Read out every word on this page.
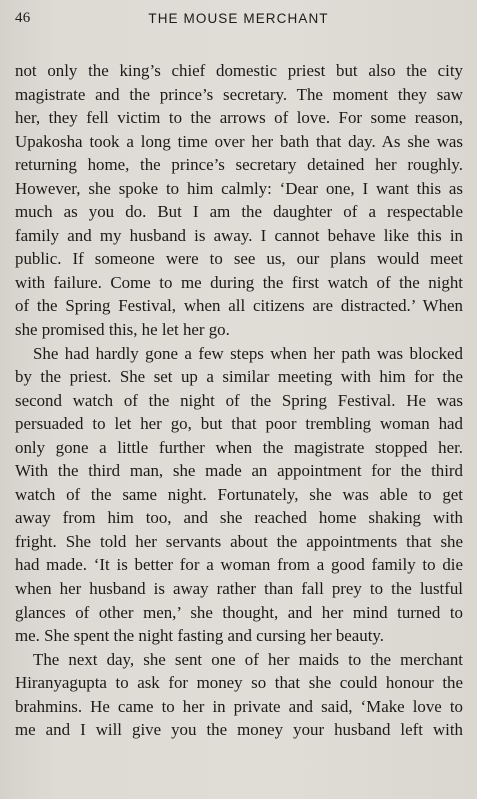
46	THE MOUSE MERCHANT

not only the king’s chief domestic priest but also the city
magistrate and the prince’s secretary. The moment they saw
her, they fell victim to the arrows of love. For some reason,
Upakosha took a long time over her bath that day. As she was
returning home, the prince’s secretary detained her roughly.
However, she spoke to him calmly: ‘Dear one, I want this as
much as you do. But I am the daughter of a respectable
family and my husband is away. I cannot behave like this in
public. If someone were to see us, our plans would meet
with failure. Come to me during the first watch of the night
of the Spring Festival, when all citizens are distracted.’ When
she promised this, he let her go.

She had hardly gone a few steps when her path was blocked
by the priest. She set up a similar meeting with him for the
second watch of the night of the Spring Festival. He was
persuaded to let her go, but that poor trembling woman had
only gone a little further when the magistrate stopped her.
With the third man, she made an appointment for the third
watch of the same night. Fortunately, she was able to get
away from him too, and she reached home shaking with
fright. She told her servants about the appointments that she
had made. ‘It is better for a woman from a good family to die
when her husband is away rather than fall prey to the lustful
glances of other men,’ she thought, and her mind turned to
me. She spent the night fasting and cursing her beauty.

The next day, she sent one of her maids to the merchant
Hiranyagupta to ask for money so that she could honour the
brahmins. He came to her in private and said, ‘Make love to
me and I will give you the money your husband left with
